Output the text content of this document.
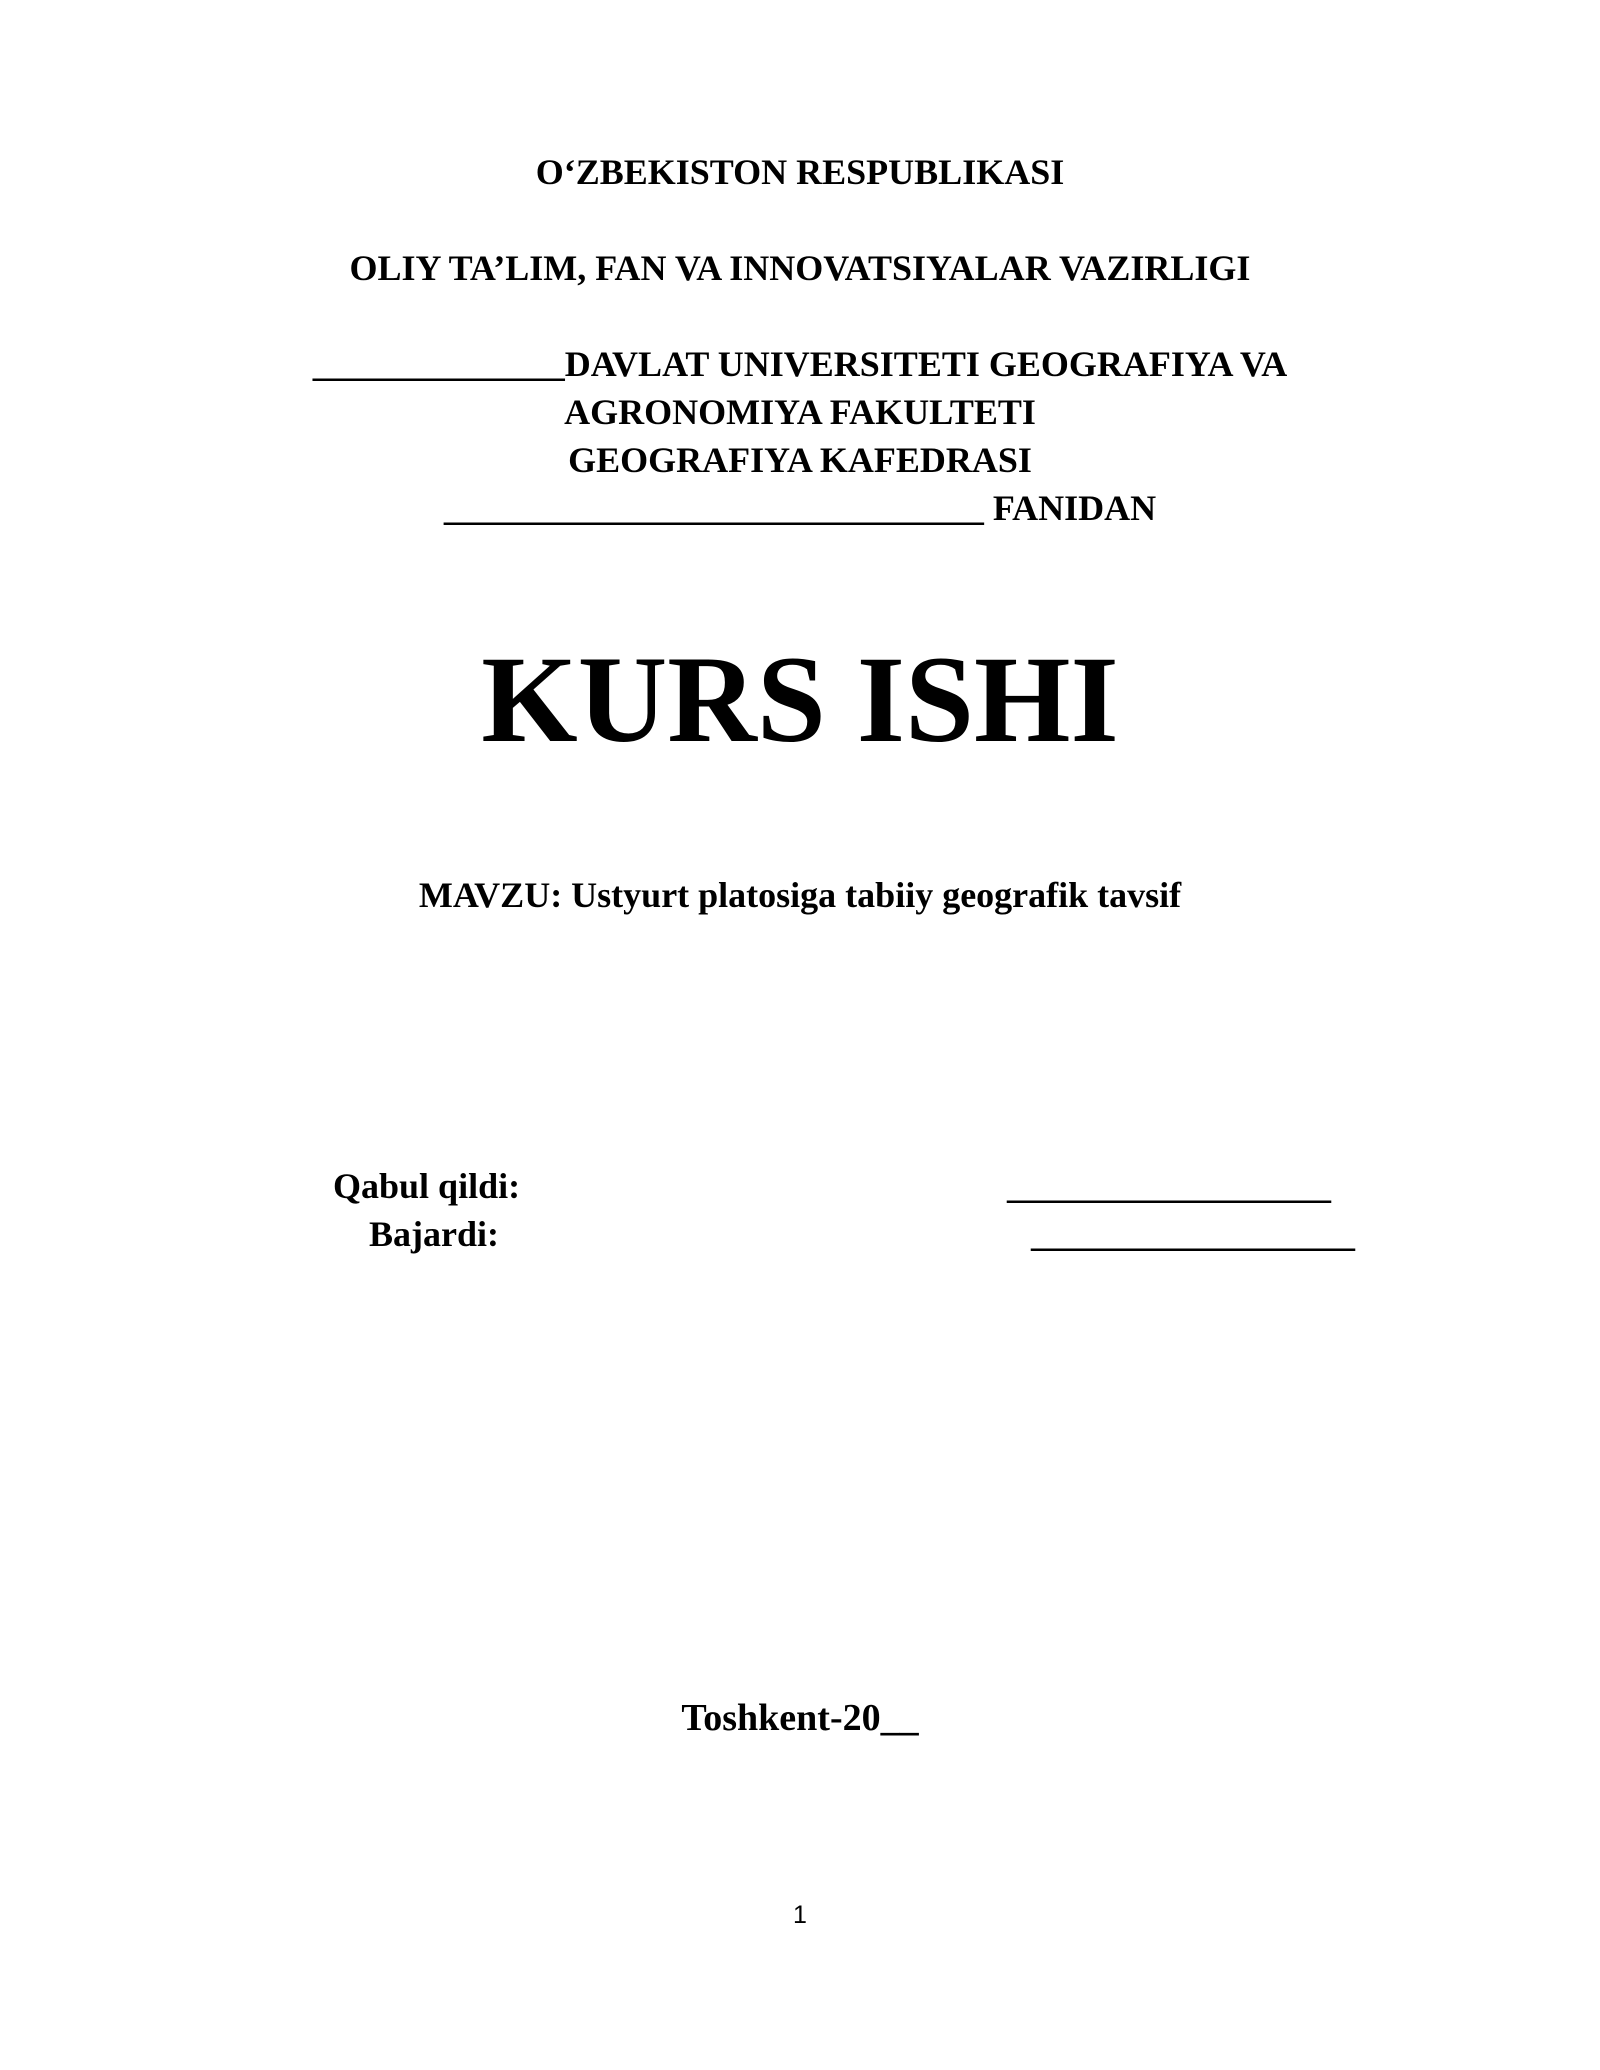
O‘ZBEKISTON RESPUBLIKASI

OLIY TA’LIM, FAN VA INNOVATSIYALAR VAZIRLIGI

______________DAVLAT UNIVERSITETI GEOGRAFIYA VA

AGRONOMIYA FAKULTETI

GEOGRAFIYA KAFEDRASI

______________________________ FANIDAN

KURS ISHI

MAVZU: Ustyurt platosiga tabiiy geografik tavsif

Qabul qildi:	__________________
Bajardi:	__________________

Toshkent-20__

1
